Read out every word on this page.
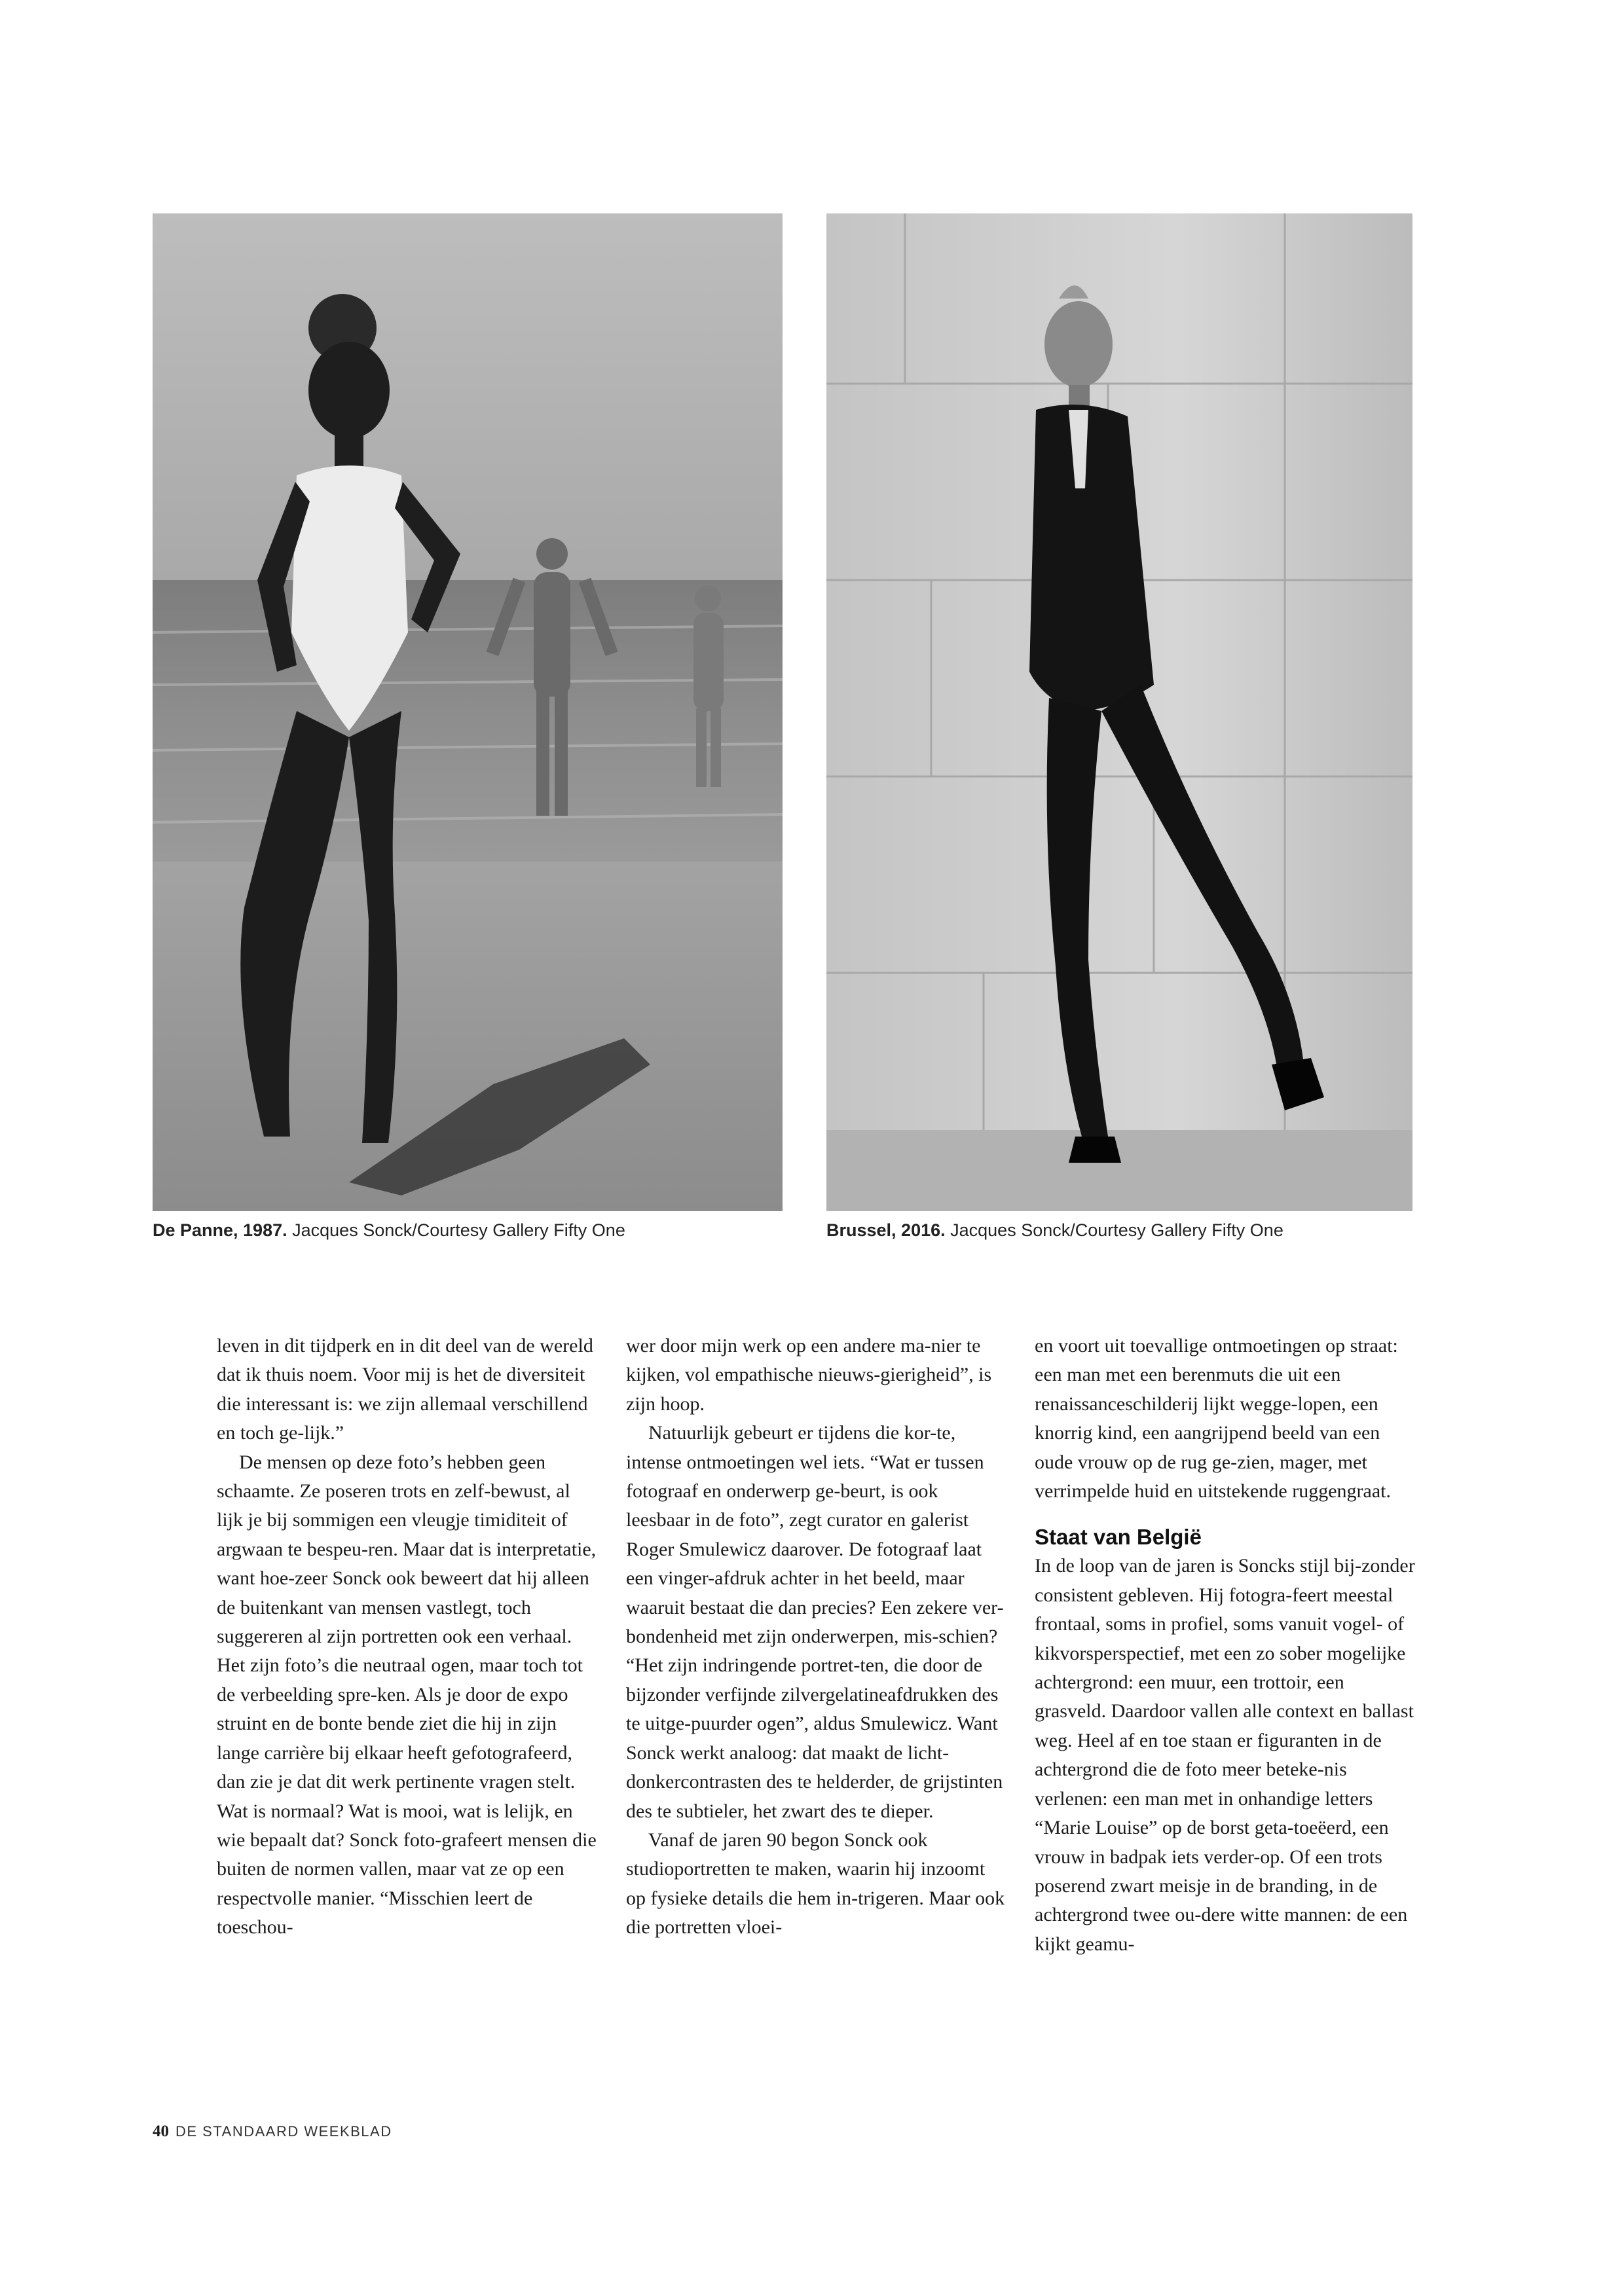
De Panne, 1987. Jacques Sonck/Courtesy Gallery Fifty One	Brussel, 2016. Jacques Sonck/Courtesy Gallery Fifty One

leven in dit tijdperk en in dit deel van de wereld dat ik thuis noem. Voor mij is het de diversiteit die interessant is: we zijn allemaal verschillend en toch ge-lijk.”

De mensen op deze foto’s hebben geen schaamte. Ze poseren trots en zelf-bewust, al lijk je bij sommigen een vleugje timiditeit of argwaan te bespeu-ren. Maar dat is interpretatie, want hoe-zeer Sonck ook beweert dat hij alleen de buitenkant van mensen vastlegt, toch suggereren al zijn portretten ook een verhaal. Het zijn foto’s die neutraal ogen, maar toch tot de verbeelding spre-ken. Als je door de expo struint en de bonte bende ziet die hij in zijn lange carrière bij elkaar heeft gefotografeerd, dan zie je dat dit werk pertinente vragen stelt. Wat is normaal? Wat is mooi, wat is lelijk, en wie bepaalt dat? Sonck foto-grafeert mensen die buiten de normen vallen, maar vat ze op een respectvolle manier. “Misschien leert de toeschou-

wer door mijn werk op een andere ma-nier te kijken, vol empathische nieuws-gierigheid”, is zijn hoop.

Natuurlijk gebeurt er tijdens die kor-te, intense ontmoetingen wel iets. “Wat er tussen fotograaf en onderwerp ge-beurt, is ook leesbaar in de foto”, zegt curator en galerist Roger Smulewicz daarover. De fotograaf laat een vinger-afdruk achter in het beeld, maar waaruit bestaat die dan precies? Een zekere ver-bondenheid met zijn onderwerpen, mis-schien? “Het zijn indringende portret-ten, die door de bijzonder verfijnde zilvergelatineafdrukken des te uitge-puurder ogen”, aldus Smulewicz. Want Sonck werkt analoog: dat maakt de licht-donkercontrasten des te helderder, de grijstinten des te subtieler, het zwart des te dieper.

Vanaf de jaren 90 begon Sonck ook studioportretten te maken, waarin hij inzoomt op fysieke details die hem in-trigeren. Maar ook die portretten vloei-

en voort uit toevallige ontmoetingen op straat: een man met een berenmuts die uit een renaissanceschilderij lijkt wegge-lopen, een knorrig kind, een aangrijpend beeld van een oude vrouw op de rug ge-zien, mager, met verrimpelde huid en uitstekende ruggengraat.

Staat van België

In de loop van de jaren is Soncks stijl bij-zonder consistent gebleven. Hij fotogra-feert meestal frontaal, soms in profiel, soms vanuit vogel- of kikvorsperspectief, met een zo sober mogelijke achtergrond: een muur, een trottoir, een grasveld. Daardoor vallen alle context en ballast weg. Heel af en toe staan er figuranten in de achtergrond die de foto meer beteke-nis verlenen: een man met in onhandige letters “Marie Louise” op de borst geta-toeëerd, een vrouw in badpak iets verder-op. Of een trots poserend zwart meisje in de branding, in de achtergrond twee ou-dere witte mannen: de een kijkt geamu-

40 DE STANDAARD WEEKBLAD
